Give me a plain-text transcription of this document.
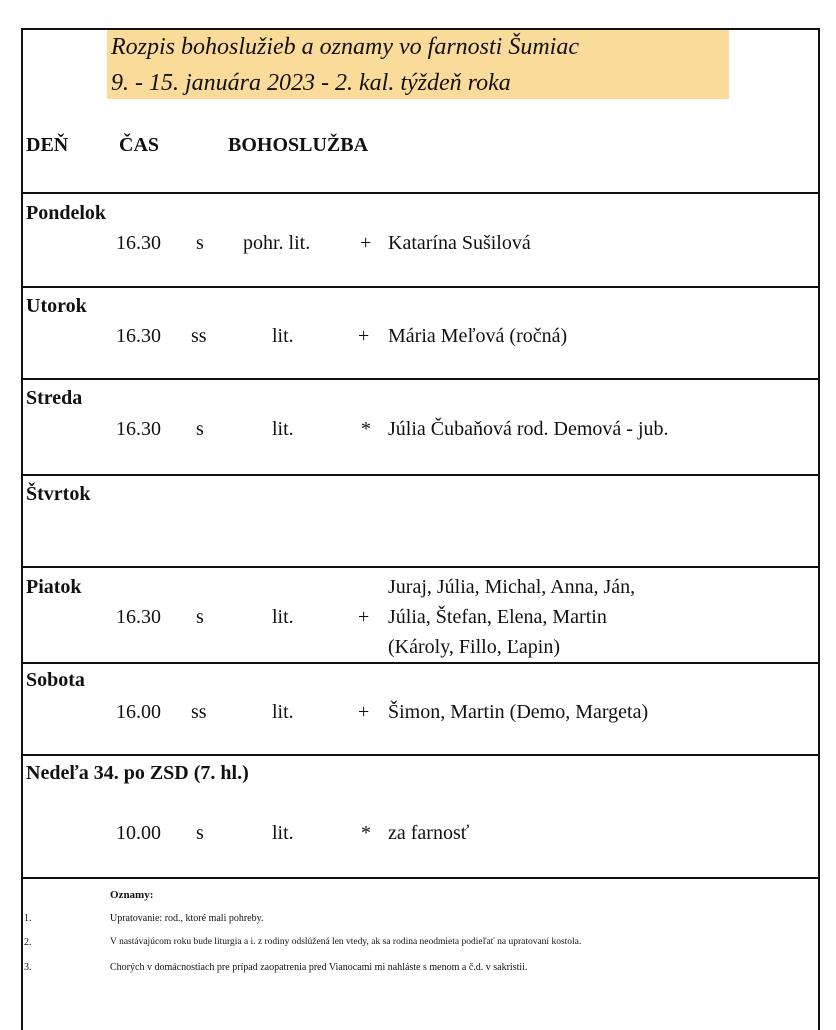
Rozpis bohoslužieb a oznamy vo farnosti Šumiac
9. - 15. januára 2023 - 2. kal. týždeň roka
DEŇ	ČAS	BOHOSLUŽBA
Pondelok
16.30 s pohr. lit. + Katarína Sušilová
Utorok
16.30 ss	lit.	+ Mária Meľová (ročná)
Streda
16.30 s	lit.	* Júlia Čubaňová rod. Demová - jub.
Štvrtok
Piatok
16.30 s	lit.	+
Juraj, Júlia, Michal, Anna, Ján,
Júlia, Štefan, Elena, Martin
(Károly, Fillo, Ľapin)
Sobota
16.00 ss	lit.	+ Šimon, Martin (Demo, Margeta)
Nedeľa 34. po ZSD (7. hl.)
10.00 s	lit.	* za farnosť
Oznamy:
1.	Upratovanie: rod., ktoré mali pohreby.
2.	V nastávajúcom roku bude liturgia a i. z rodiny odslúžená len vtedy, ak sa rodina neodmieta podieľať na upratovaní kostola.
3.	Chorých v domácnostiach pre prípad zaopatrenia pred Vianocami mi nahláste s menom a č.d. v sakristii.
